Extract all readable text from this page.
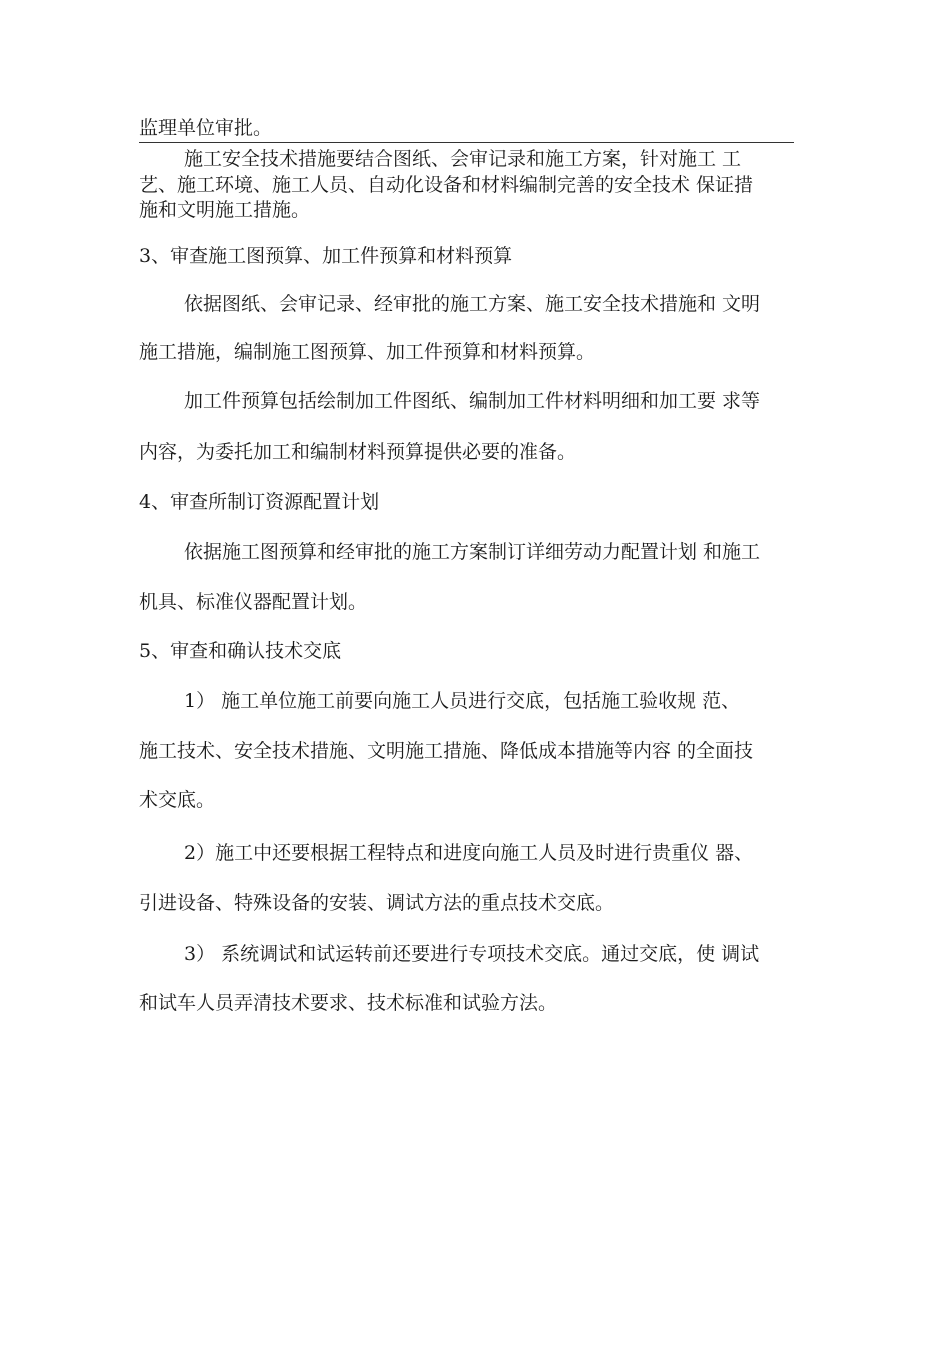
监理单位审批。
施工安全技术措施要结合图纸、会审记录和施工方案，针对施工 工
艺、施工环境、施工人员、自动化设备和材料编制完善的安全技术 保证措
施和文明施工措施。
3、审查施工图预算、加工件预算和材料预算
依据图纸、会审记录、经审批的施工方案、施工安全技术措施和 文明
施工措施，编制施工图预算、加工件预算和材料预算。
加工件预算包括绘制加工件图纸、编制加工件材料明细和加工要 求等
内容，为委托加工和编制材料预算提供必要的准备。
4、审查所制订资源配置计划
依据施工图预算和经审批的施工方案制订详细劳动力配置计划 和施工
机具、标准仪器配置计划。
5、审查和确认技术交底
1） 施工单位施工前要向施工人员进行交底，包括施工验收规 范、
施工技术、安全技术措施、文明施工措施、降低成本措施等内容 的全面技
术交底。
2）施工中还要根据工程特点和进度向施工人员及时进行贵重仪 器、
引进设备、特殊设备的安装、调试方法的重点技术交底。
3） 系统调试和试运转前还要进行专项技术交底。通过交底，使 调试
和试车人员弄清技术要求、技术标准和试验方法。
